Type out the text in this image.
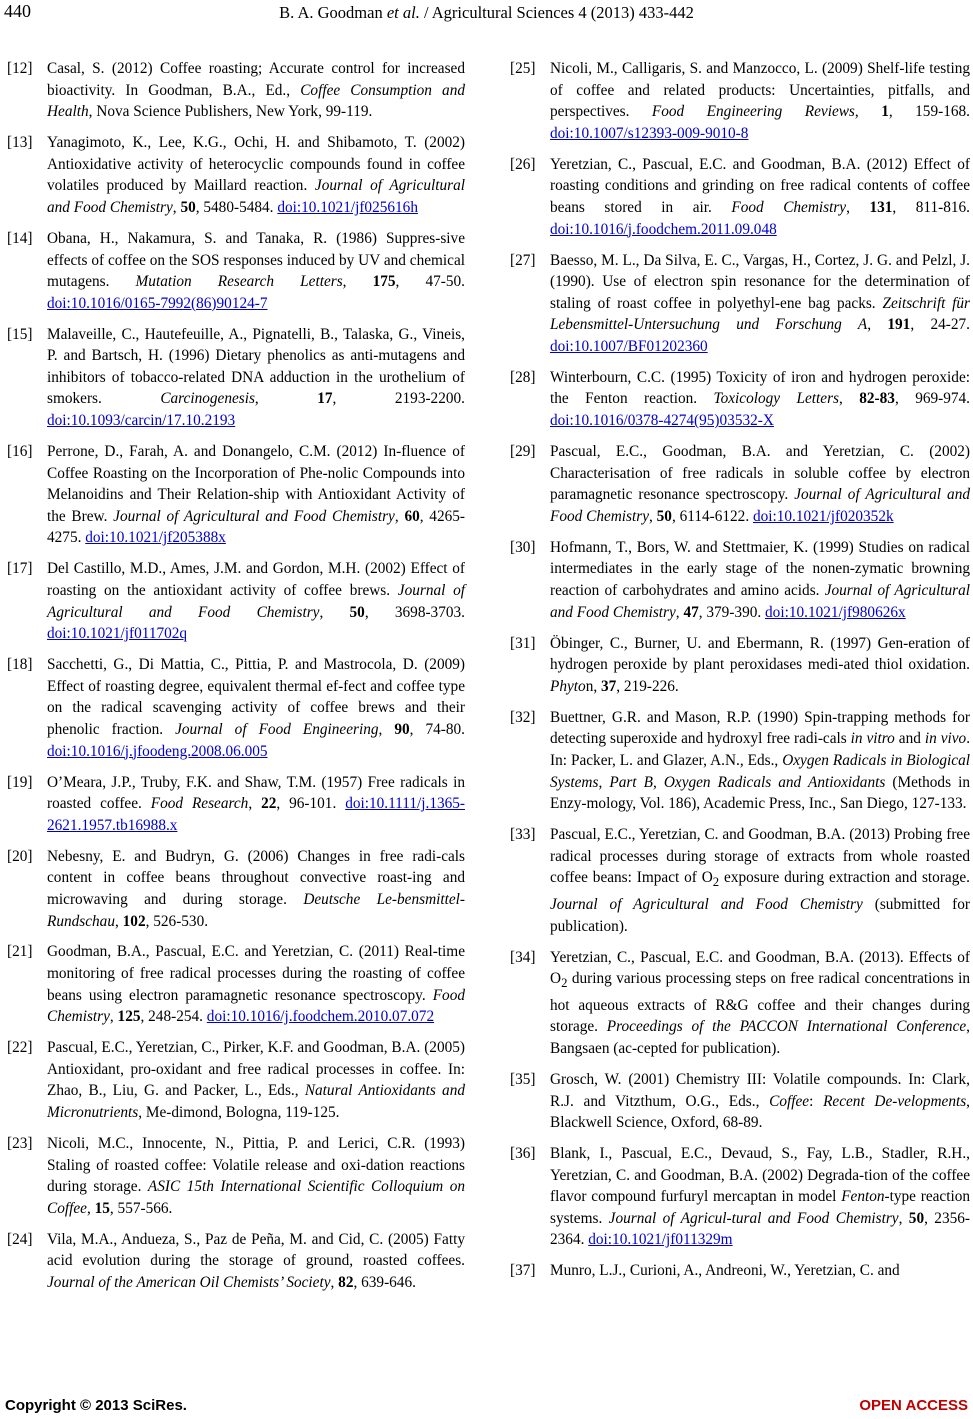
440	B. A. Goodman et al. / Agricultural Sciences 4 (2013) 433-442
[12] Casal, S. (2012) Coffee roasting; Accurate control for increased bioactivity. In Goodman, B.A., Ed., Coffee Consumption and Health, Nova Science Publishers, New York, 99-119.
[13] Yanagimoto, K., Lee, K.G., Ochi, H. and Shibamoto, T. (2002) Antioxidative activity of heterocyclic compounds found in coffee volatiles produced by Maillard reaction. Journal of Agricultural and Food Chemistry, 50, 5480-5484. doi:10.1021/jf025616h
[14] Obana, H., Nakamura, S. and Tanaka, R. (1986) Suppres-sive effects of coffee on the SOS responses induced by UV and chemical mutagens. Mutation Research Letters, 175, 47-50. doi:10.1016/0165-7992(86)90124-7
[15] Malaveille, C., Hautefeuille, A., Pignatelli, B., Talaska, G., Vineis, P. and Bartsch, H. (1996) Dietary phenolics as anti-mutagens and inhibitors of tobacco-related DNA adduction in the urothelium of smokers. Carcinogenesis, 17, 2193-2200. doi:10.1093/carcin/17.10.2193
[16] Perrone, D., Farah, A. and Donangelo, C.M. (2012) In-fluence of Coffee Roasting on the Incorporation of Phe-nolic Compounds into Melanoidins and Their Relation-ship with Antioxidant Activity of the Brew. Journal of Agricultural and Food Chemistry, 60, 4265-4275. doi:10.1021/jf205388x
[17] Del Castillo, M.D., Ames, J.M. and Gordon, M.H. (2002) Effect of roasting on the antioxidant activity of coffee brews. Journal of Agricultural and Food Chemistry, 50, 3698-3703. doi:10.1021/jf011702q
[18] Sacchetti, G., Di Mattia, C., Pittia, P. and Mastrocola, D. (2009) Effect of roasting degree, equivalent thermal ef-fect and coffee type on the radical scavenging activity of coffee brews and their phenolic fraction. Journal of Food Engineering, 90, 74-80. doi:10.1016/j.jfoodeng.2008.06.005
[19] O’Meara, J.P., Truby, F.K. and Shaw, T.M. (1957) Free radicals in roasted coffee. Food Research, 22, 96-101. doi:10.1111/j.1365-2621.1957.tb16988.x
[20] Nebesny, E. and Budryn, G. (2006) Changes in free radi-cals content in coffee beans throughout convective roast-ing and microwaving and during storage. Deutsche Le-bensmittel-Rundschau, 102, 526-530.
[21] Goodman, B.A., Pascual, E.C. and Yeretzian, C. (2011) Real-time monitoring of free radical processes during the roasting of coffee beans using electron paramagnetic resonance spectroscopy. Food Chemistry, 125, 248-254. doi:10.1016/j.foodchem.2010.07.072
[22] Pascual, E.C., Yeretzian, C., Pirker, K.F. and Goodman, B.A. (2005) Antioxidant, pro-oxidant and free radical processes in coffee. In: Zhao, B., Liu, G. and Packer, L., Eds., Natural Antioxidants and Micronutrients, Me-dimond, Bologna, 119-125.
[23] Nicoli, M.C., Innocente, N., Pittia, P. and Lerici, C.R. (1993) Staling of roasted coffee: Volatile release and oxi-dation reactions during storage. ASIC 15th International Scientific Colloquium on Coffee, 15, 557-566.
[24] Vila, M.A., Andueza, S., Paz de Peña, M. and Cid, C. (2005) Fatty acid evolution during the storage of ground, roasted coffees. Journal of the American Oil Chemists’ Society, 82, 639-646.
[25] Nicoli, M., Calligaris, S. and Manzocco, L. (2009) Shelf-life testing of coffee and related products: Uncertainties, pitfalls, and perspectives. Food Engineering Reviews, 1, 159-168. doi:10.1007/s12393-009-9010-8
[26] Yeretzian, C., Pascual, E.C. and Goodman, B.A. (2012) Effect of roasting conditions and grinding on free radical contents of coffee beans stored in air. Food Chemistry, 131, 811-816. doi:10.1016/j.foodchem.2011.09.048
[27] Baesso, M. L., Da Silva, E. C., Vargas, H., Cortez, J. G. and Pelzl, J. (1990). Use of electron spin resonance for the determination of staling of roast coffee in polyethyl-ene bag packs. Zeitschrift für Lebensmittel-Untersuchung und Forschung A, 191, 24-27. doi:10.1007/BF01202360
[28] Winterbourn, C.C. (1995) Toxicity of iron and hydrogen peroxide: the Fenton reaction. Toxicology Letters, 82-83, 969-974. doi:10.1016/0378-4274(95)03532-X
[29] Pascual, E.C., Goodman, B.A. and Yeretzian, C. (2002) Characterisation of free radicals in soluble coffee by electron paramagnetic resonance spectroscopy. Journal of Agricultural and Food Chemistry, 50, 6114-6122. doi:10.1021/jf020352k
[30] Hofmann, T., Bors, W. and Stettmaier, K. (1999) Studies on radical intermediates in the early stage of the nonen-zymatic browning reaction of carbohydrates and amino acids. Journal of Agricultural and Food Chemistry, 47, 379-390. doi:10.1021/jf980626x
[31] Öbinger, C., Burner, U. and Ebermann, R. (1997) Gen-eration of hydrogen peroxide by plant peroxidases medi-ated thiol oxidation. Phyton, 37, 219-226.
[32] Buettner, G.R. and Mason, R.P. (1990) Spin-trapping methods for detecting superoxide and hydroxyl free radi-cals in vitro and in vivo. In: Packer, L. and Glazer, A.N., Eds., Oxygen Radicals in Biological Systems, Part B, Oxygen Radicals and Antioxidants (Methods in Enzy-mology, Vol. 186), Academic Press, Inc., San Diego, 127-133.
[33] Pascual, E.C., Yeretzian, C. and Goodman, B.A. (2013) Probing free radical processes during storage of extracts from whole roasted coffee beans: Impact of $O_2$ exposure during extraction and storage. Journal of Agricultural and Food Chemistry (submitted for publication).
[34] Yeretzian, C., Pascual, E.C. and Goodman, B.A. (2013). Effects of $O_2$ during various processing steps on free radical concentrations in hot aqueous extracts of R&G coffee and their changes during storage. Proceedings of the PACCON International Conference, Bangsaen (ac-cepted for publication).
[35] Grosch, W. (2001) Chemistry III: Volatile compounds. In: Clark, R.J. and Vitzthum, O.G., Eds., Coffee: Recent De-velopments, Blackwell Science, Oxford, 68-89.
[36] Blank, I., Pascual, E.C., Devaud, S., Fay, L.B., Stadler, R.H., Yeretzian, C. and Goodman, B.A. (2002) Degrada-tion of the coffee flavor compound furfuryl mercaptan in model Fenton-type reaction systems. Journal of Agricul-tural and Food Chemistry, 50, 2356-2364. doi:10.1021/jf011329m
[37] Munro, L.J., Curioni, A., Andreoni, W., Yeretzian, C. and
Copyright © 2013 SciRes.	OPEN ACCESS
